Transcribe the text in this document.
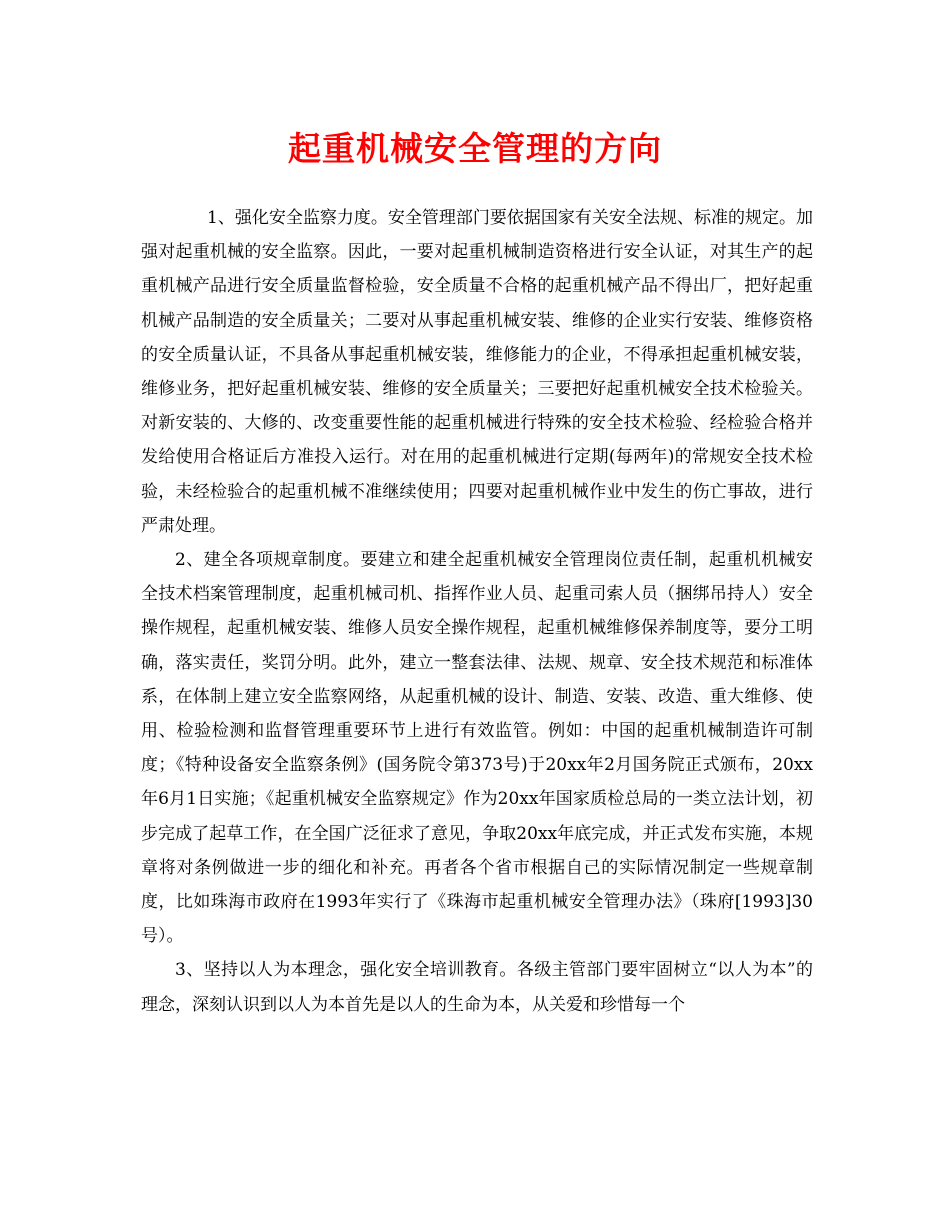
起重机械安全管理的方向

1、强化安全监察力度。安全管理部门要依据国家有关安全法规、标准的规定。加强对起重机械的安全监察。因此，一要对起重机械制造资格进行安全认证，对其生产的起重机械产品进行安全质量监督检验，安全质量不合格的起重机械产品不得出厂，把好起重机械产品制造的安全质量关；二要对从事起重机械安装、维修的企业实行安装、维修资格的安全质量认证，不具备从事起重机械安装，维修能力的企业，不得承担起重机械安装，维修业务，把好起重机械安装、维修的安全质量关；三要把好起重机械安全技术检验关。对新安装的、大修的、改变重要性能的起重机械进行特殊的安全技术检验、经检验合格并发给使用合格证后方准投入运行。对在用的起重机械进行定期(每两年)的常规安全技术检验，未经检验合的起重机械不准继续使用；四要对起重机械作业中发生的伤亡事故，进行严肃处理。

2、建全各项规章制度。要建立和建全起重机械安全管理岗位责任制，起重机机械安全技术档案管理制度，起重机械司机、指挥作业人员、起重司索人员（捆绑吊持人）安全操作规程，起重机械安装、维修人员安全操作规程，起重机械维修保养制度等，要分工明确，落实责任，奖罚分明。此外，建立一整套法律、法规、规章、安全技术规范和标准体系，在体制上建立安全监察网络，从起重机械的设计、制造、安装、改造、重大维修、使用、检验检测和监督管理重要环节上进行有效监管。例如：中国的起重机械制造许可制度；《特种设备安全监察条例》(国务院令第373号)于20xx年2月国务院正式颁布，20xx年6月1日实施；《起重机械安全监察规定》作为20xx年国家质检总局的一类立法计划，初步完成了起草工作，在全国广泛征求了意见，争取20xx年底完成，并正式发布实施，本规章将对条例做进一步的细化和补充。再者各个省市根据自己的实际情况制定一些规章制度，比如珠海市政府在1993年实行了《珠海市起重机械安全管理办法》（珠府[1993]30号）。

3、坚持以人为本理念，强化安全培训教育。各级主管部门要牢固树立“以人为本”的理念，深刻认识到以人为本首先是以人的生命为本，从关爱和珍惜每一个
